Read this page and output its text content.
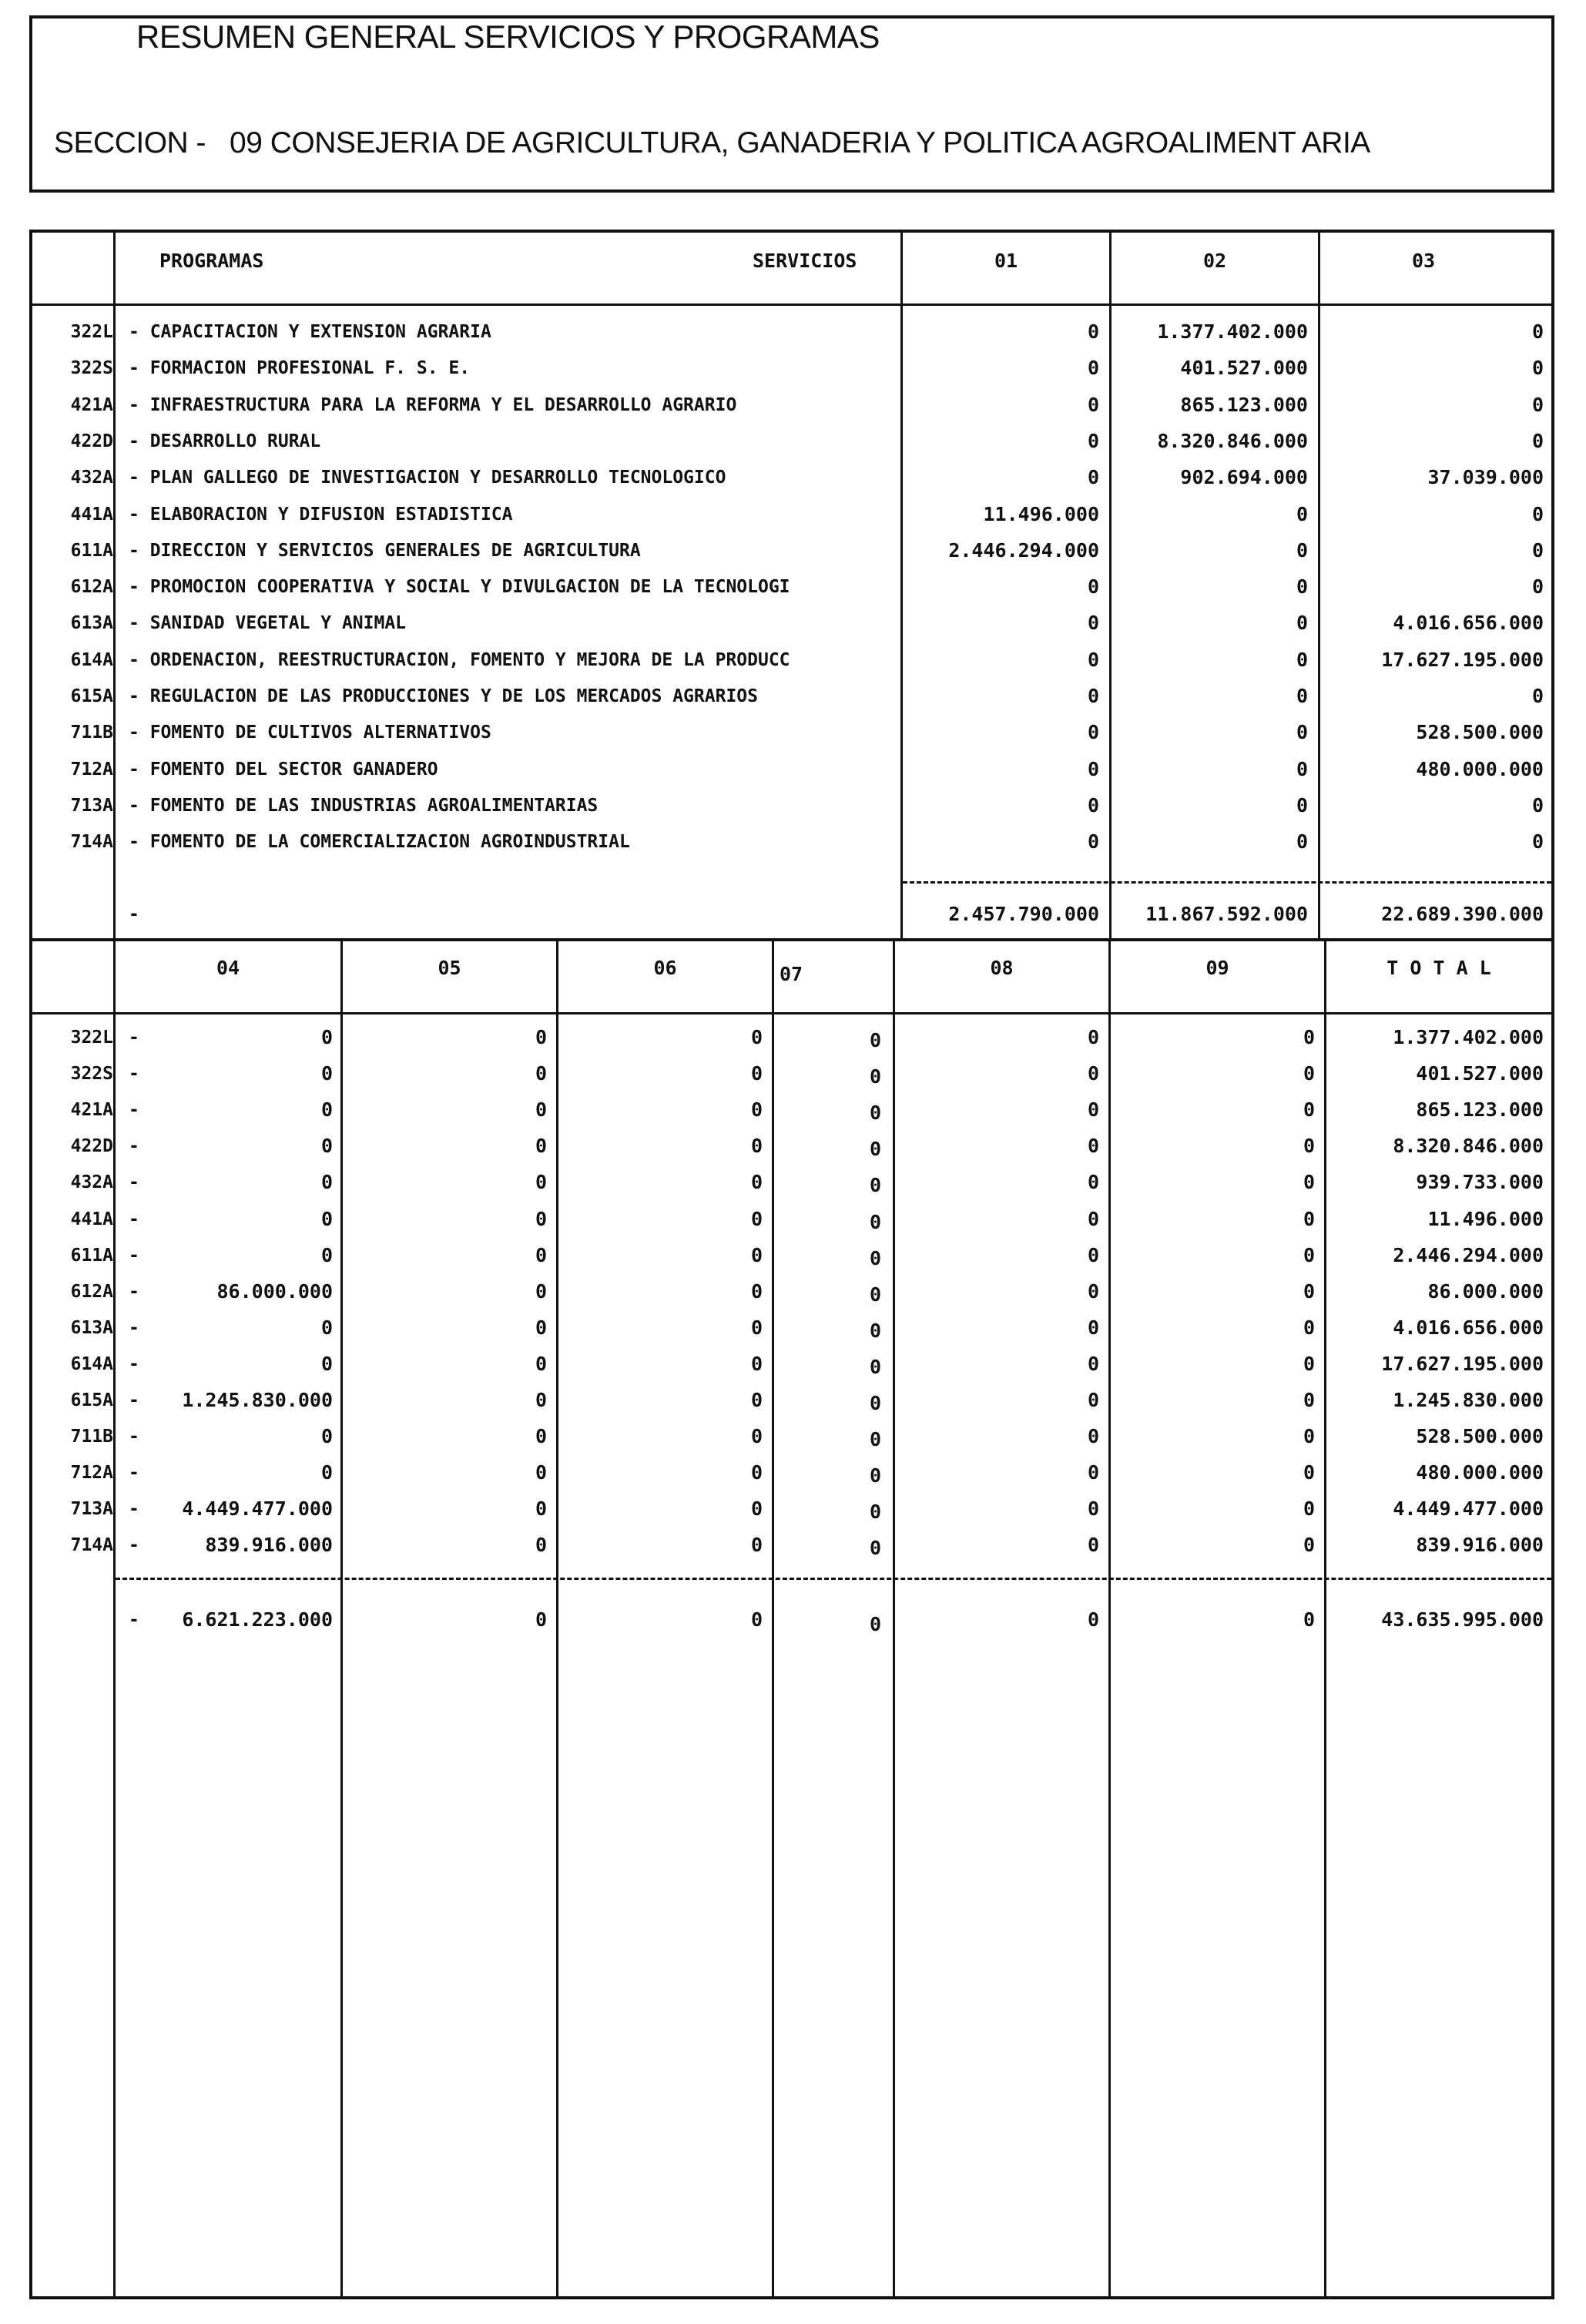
RESUMEN GENERAL SERVICIOS Y PROGRAMAS
SECCION - 09 CONSEJERIA DE AGRICULTURA, GANADERIA Y POLITICA AGROALIMENT ARIA
PROGRAMAS	SERVICIOS	01	02	03
322L - CAPACITACION Y EXTENSION AGRARIA	0	1.377.402.000	0
322S - FORMACION PROFESIONAL F. S. E.	0	401.527.000	0
421A - INFRAESTRUCTURA PARA LA REFORMA Y EL DESARROLLO AGRARIO	0	865.123.000	0
422D - DESARROLLO RURAL	0	8.320.846.000	0
432A - PLAN GALLEGO DE INVESTIGACION Y DESARROLLO TECNOLOGICO	0	902.694.000	37.039.000
441A - ELABORACION Y DIFUSION ESTADISTICA	11.496.000	0	0
611A - DIRECCION Y SERVICIOS GENERALES DE AGRICULTURA	2.446.294.000	0	0
612A - PROMOCION COOPERATIVA Y SOCIAL Y DIVULGACION DE LA TECNOLOGI	0	0	0
613A - SANIDAD VEGETAL Y ANIMAL	0	0	4.016.656.000
614A - ORDENACION, REESTRUCTURACION, FOMENTO Y MEJORA DE LA PRODUCC	0	0	17.627.195.000
615A - REGULACION DE LAS PRODUCCIONES Y DE LOS MERCADOS AGRARIOS	0	0	0
711B - FOMENTO DE CULTIVOS ALTERNATIVOS	0	0	528.500.000
712A - FOMENTO DEL SECTOR GANADERO	0	0	480.000.000
713A - FOMENTO DE LAS INDUSTRIAS AGROALIMENTARIAS	0	0	0
714A - FOMENTO DE LA COMERCIALIZACION AGROINDUSTRIAL	0	0	0
-	2.457.790.000	11.867.592.000	22.689.390.000
04	05	06	07	08	09	T O T A L
322L -	0	0	0	0	0	0	1.377.402.000
322S -	0	0	0	0	0	0	401.527.000
421A -	0	0	0	0	0	0	865.123.000
422D -	0	0	0	0	0	0	8.320.846.000
432A -	0	0	0	0	0	0	939.733.000
441A -	0	0	0	0	0	0	11.496.000
611A -	0	0	0	0	0	0	2.446.294.000
612A -	86.000.000	0	0	0	0	0	86.000.000
613A -	0	0	0	0	0	0	4.016.656.000
614A -	0	0	0	0	0	0	17.627.195.000
615A -	1.245.830.000	0	0	0	0	0	1.245.830.000
711B -	0	0	0	0	0	0	528.500.000
712A -	0	0	0	0	0	0	480.000.000
713A -	4.449.477.000	0	0	0	0	0	4.449.477.000
714A -	839.916.000	0	0	0	0	0	839.916.000
-	6.621.223.000	0	0	0	0	0	43.635.995.000
